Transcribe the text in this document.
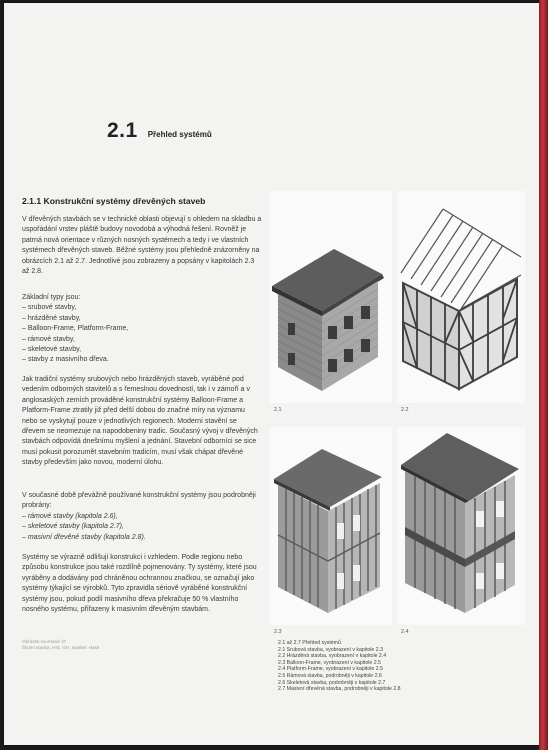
2.1 Přehled systémů
2.1.1 Konstrukční systémy dřevěných staveb

V dřevěných stavbách se v technické oblasti objevují s ohledem na skladbu a uspořádání vrstev pláště budovy novodobá a výhodná řešení. Rovněž je patrná nová orientace v různých nosných systémech a tedy i ve vlastních systémech dřevěných staveb. Běžné systémy jsou přehledně znázorněny na obrázcích 2.1 až 2.7. Jednotlivé jsou zobrazeny a popsány v kapitolách 2.3 až 2.8.

Základní typy jsou:
– srubové stavby,
– hrázděné stavby,
– Balloon-Frame, Platform-Frame,
– rámové stavby,
– skeletové stavby,
– stavby z masivního dřeva.

Jak tradiční systémy srubových nebo hrázděných staveb, vyráběné pod vedením odborných stavitelů a s řemeslnou dovedností, tak i v zámoří a v anglosaských zemích prováděné konstrukční systémy Balloon-Frame a Platform-Frame ztratily již před delší dobou do značné míry na významu nebo se vyskytují pouze v jednotlivých regionech. Moderní stavění se dřevem se neomezuje na napodobeniny tradic. Současný vývoj v dřevěných stavbách odpovídá dnešnímu myšlení a jednání. Stavební odborníci se sice musí pokusit porozumět stavebním tradicím, musí však chápat dřevěné stavby především jako novou, moderní úlohu.

V současné době převážně používané konstrukční systémy jsou podrobněji probrány:
– rámové stavby (kapitola 2.6),
– skeletové stavby (kapitola 2.7),
– masivní dřevěné stavby (kapitola 2.8).

Systémy se výrazně odlišují konstrukcí i vzhledem. Podle regionu nebo způsobu konstrukce jsou také rozdílně pojmenovány. Ty systémy, které jsou vyráběny a dodávány pod chráněnou ochrannou značkou, se označují jako systémy týkající se výrobků. Tyto zpravidla sériově vyráběné konstrukční systémy jsou, pokud podíl masivního dřeva překračuje 50 % vlastního nosného systému, přiřazeny k masivním dřevěným stavbám.

Obrázek na straně 37
Školní stavba, HIS, GH, stavitel: Hase
2.1	2.2
2.3	2.4
2.1 až 2.7 Přehled systémů
2.1 Srubová stavba, vyobrazení v kapitole 2.3
2.2 Hrázděná stavba, vyobrazení v kapitole 2.4
2.3 Balloon-Frame, vyobrazení v kapitole 2.5
2.4 Platform-Frame, vyobrazení v kapitole 2.5
2.5 Rámová stavba, podrobněji v kapitole 2.6
2.6 Skeletová stavba, podrobněji v kapitole 2.7
2.7 Masivní dřevěná stavba, podrobněji v kapitole 2.8
